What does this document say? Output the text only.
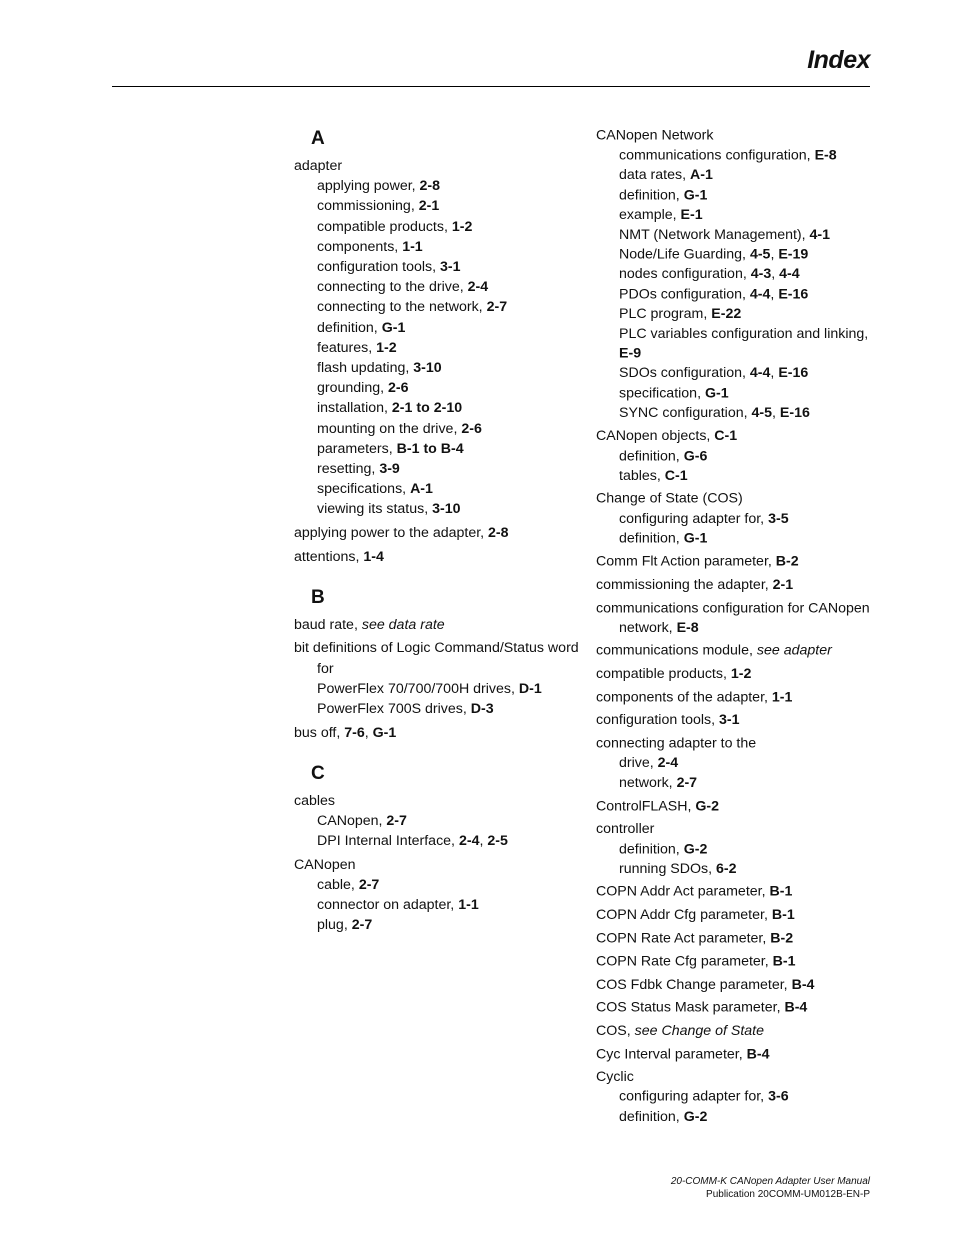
Index
A
adapter
applying power, 2-8
commissioning, 2-1
compatible products, 1-2
components, 1-1
configuration tools, 3-1
connecting to the drive, 2-4
connecting to the network, 2-7
definition, G-1
features, 1-2
flash updating, 3-10
grounding, 2-6
installation, 2-1 to 2-10
mounting on the drive, 2-6
parameters, B-1 to B-4
resetting, 3-9
specifications, A-1
viewing its status, 3-10
applying power to the adapter, 2-8
attentions, 1-4
B
baud rate, see data rate
bit definitions of Logic Command/Status word for
PowerFlex 70/700/700H drives, D-1
PowerFlex 700S drives, D-3
bus off, 7-6, G-1
C
cables
CANopen, 2-7
DPI Internal Interface, 2-4, 2-5
CANopen
cable, 2-7
connector on adapter, 1-1
plug, 2-7
CANopen Network
communications configuration, E-8
data rates, A-1
definition, G-1
example, E-1
NMT (Network Management), 4-1
Node/Life Guarding, 4-5, E-19
nodes configuration, 4-3, 4-4
PDOs configuration, 4-4, E-16
PLC program, E-22
PLC variables configuration and linking, E-9
SDOs configuration, 4-4, E-16
specification, G-1
SYNC configuration, 4-5, E-16
CANopen objects, C-1
definition, G-6
tables, C-1
Change of State (COS)
configuring adapter for, 3-5
definition, G-1
Comm Flt Action parameter, B-2
commissioning the adapter, 2-1
communications configuration for CANopen network, E-8
communications module, see adapter
compatible products, 1-2
components of the adapter, 1-1
configuration tools, 3-1
connecting adapter to the
drive, 2-4
network, 2-7
ControlFLASH, G-2
controller
definition, G-2
running SDOs, 6-2
COPN Addr Act parameter, B-1
COPN Addr Cfg parameter, B-1
COPN Rate Act parameter, B-2
COPN Rate Cfg parameter, B-1
COS Fdbk Change parameter, B-4
COS Status Mask parameter, B-4
COS, see Change of State
Cyc Interval parameter, B-4
Cyclic
configuring adapter for, 3-6
definition, G-2
20-COMM-K CANopen Adapter User Manual
Publication 20COMM-UM012B-EN-P
